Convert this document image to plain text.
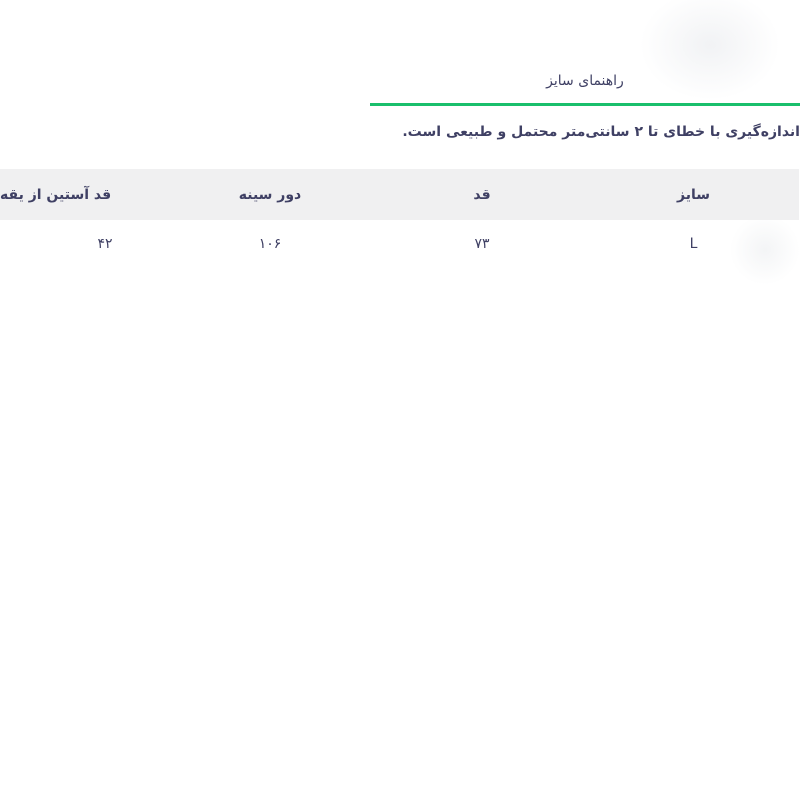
راهنمای سایز
اندازه‌گیری با خطای تا ۲ سانتی‌متر محتمل و طبیعی است.
سایز
قد
دور سینه
قد آستین از یقه
L
۷۳
۱۰۶
۴۲
